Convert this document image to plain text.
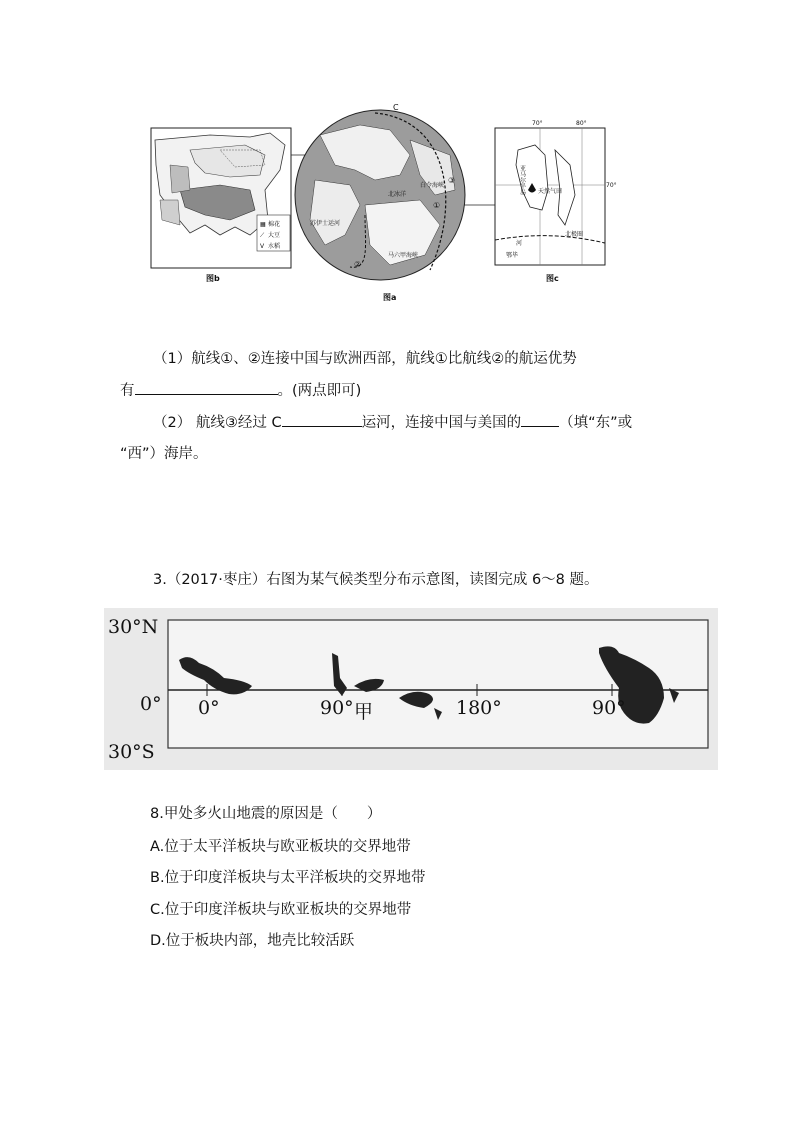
▦ 棉花
⟋ 大豆
V 水稻
图b
C
①
②
③
白令海峡
北冰洋
苏伊士运河
马六甲海峡
图a
70°	80°
70°
亚马尔半岛 天然气田
北极圈
河
鄂毕
图c
（1）航线①、②连接中国与欧洲西部，航线①比航线②的航运优势
有	。(两点即可)
（2） 航线③经过 C	运河，连接中国与美国的	（填“东”或
“西”）海岸。
3.（2017·枣庄）右图为某气候类型分布示意图，读图完成 6～8 题。
30°N
0°
30°S
0°	90°	180°	90°
甲
8.甲处多火山地震的原因是（　　）
A.位于太平洋板块与欧亚板块的交界地带
B.位于印度洋板块与太平洋板块的交界地带
C.位于印度洋板块与欧亚板块的交界地带
D.位于板块内部，地壳比较活跃
